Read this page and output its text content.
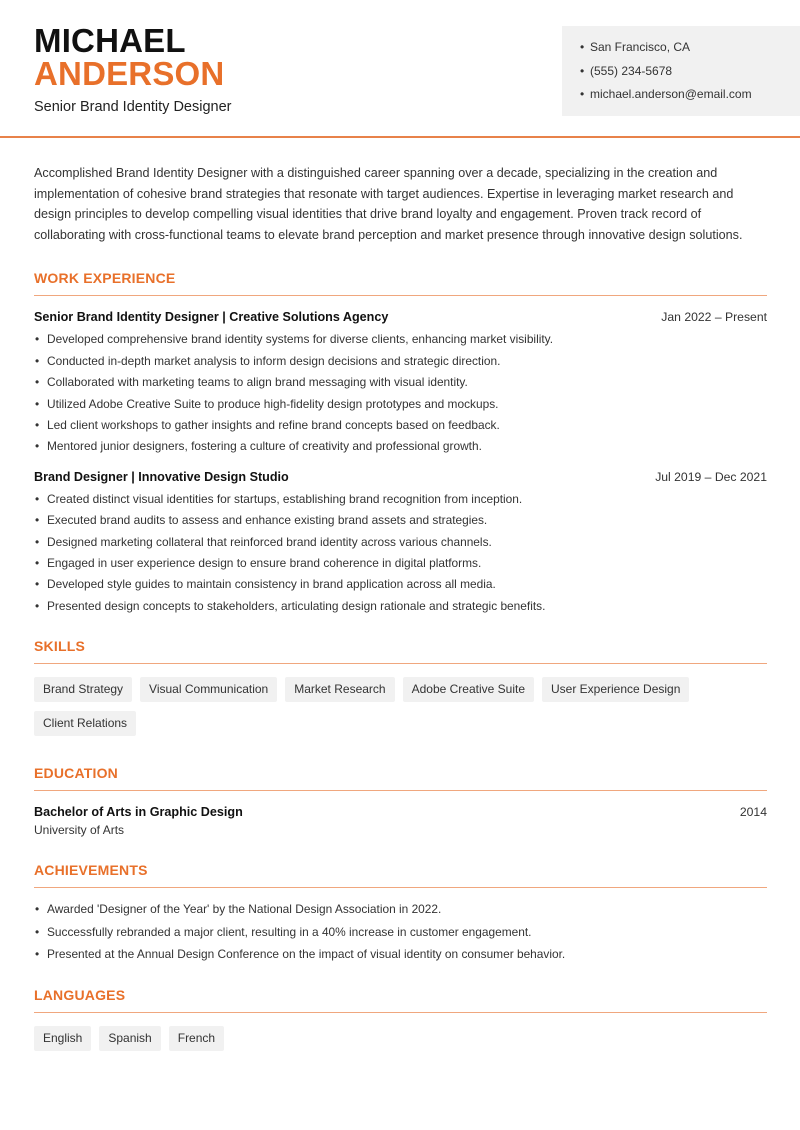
MICHAEL
ANDERSON
Senior Brand Identity Designer
• San Francisco, CA
• (555) 234-5678
• michael.anderson@email.com

Accomplished Brand Identity Designer with a distinguished career spanning over a decade, specializing in the creation and implementation of cohesive brand strategies that resonate with target audiences. Expertise in leveraging market research and design principles to develop compelling visual identities that drive brand loyalty and engagement. Proven track record of collaborating with cross-functional teams to elevate brand perception and market presence through innovative design solutions.

WORK EXPERIENCE
Senior Brand Identity Designer | Creative Solutions Agency	Jan 2022 – Present
• Developed comprehensive brand identity systems for diverse clients, enhancing market visibility.
• Conducted in-depth market analysis to inform design decisions and strategic direction.
• Collaborated with marketing teams to align brand messaging with visual identity.
• Utilized Adobe Creative Suite to produce high-fidelity design prototypes and mockups.
• Led client workshops to gather insights and refine brand concepts based on feedback.
• Mentored junior designers, fostering a culture of creativity and professional growth.
Brand Designer | Innovative Design Studio	Jul 2019 – Dec 2021
• Created distinct visual identities for startups, establishing brand recognition from inception.
• Executed brand audits to assess and enhance existing brand assets and strategies.
• Designed marketing collateral that reinforced brand identity across various channels.
• Engaged in user experience design to ensure brand coherence in digital platforms.
• Developed style guides to maintain consistency in brand application across all media.
• Presented design concepts to stakeholders, articulating design rationale and strategic benefits.
SKILLS
Brand Strategy	Visual Communication	Market Research	Adobe Creative Suite	User Experience Design
Client Relations
EDUCATION
Bachelor of Arts in Graphic Design	2014
University of Arts
ACHIEVEMENTS
• Awarded 'Designer of the Year' by the National Design Association in 2022.
• Successfully rebranded a major client, resulting in a 40% increase in customer engagement.
• Presented at the Annual Design Conference on the impact of visual identity on consumer behavior.
LANGUAGES
English	Spanish	French
